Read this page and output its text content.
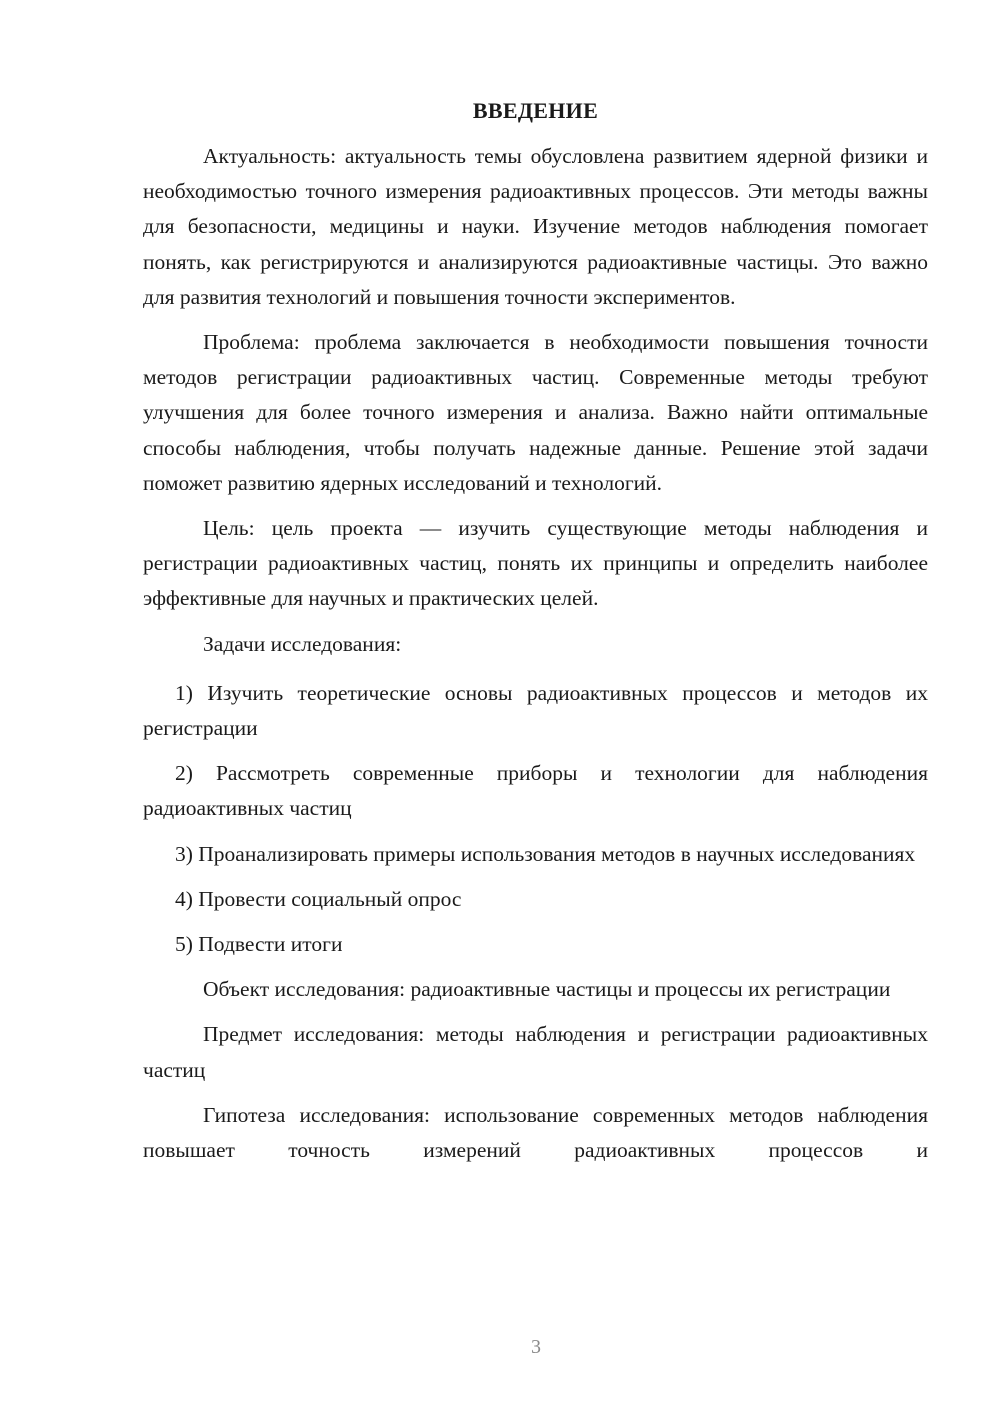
ВВЕДЕНИЕ

Актуальность: актуальность темы обусловлена развитием ядерной физики и необходимостью точного измерения радиоактивных процессов. Эти методы важны для безопасности, медицины и науки. Изучение методов наблюдения помогает понять, как регистрируются и анализируются радиоактивные частицы. Это важно для развития технологий и повышения точности экспериментов.

Проблема: проблема заключается в необходимости повышения точности методов регистрации радиоактивных частиц. Современные методы требуют улучшения для более точного измерения и анализа. Важно найти оптимальные способы наблюдения, чтобы получать надежные данные. Решение этой задачи поможет развитию ядерных исследований и технологий.

Цель: цель проекта — изучить существующие методы наблюдения и регистрации радиоактивных частиц, понять их принципы и определить наиболее эффективные для научных и практических целей.

Задачи исследования:

1) Изучить теоретические основы радиоактивных процессов и методов их регистрации

2) Рассмотреть современные приборы и технологии для наблюдения радиоактивных частиц

3) Проанализировать примеры использования методов в научных исследованиях

4) Провести социальный опрос

5) Подвести итоги

Объект исследования: радиоактивные частицы и процессы их регистрации

Предмет исследования: методы наблюдения и регистрации радиоактивных частиц

Гипотеза исследования: использование современных методов наблюдения повышает точность измерений радиоактивных процессов и

3
